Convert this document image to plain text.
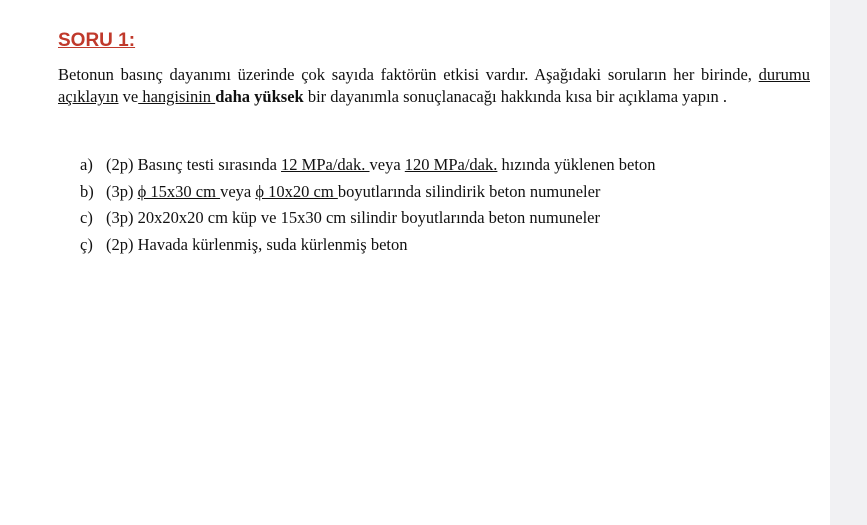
SORU 1:

Betonun basınç dayanımı üzerinde çok sayıda faktörün etkisi vardır. Aşağıdaki soruların her birinde, durumu açıklayın ve hangisinin daha yüksek bir dayanımla sonuçlanacağı hakkında kısa bir açıklama yapın .

a) (2p) Basınç testi sırasında 12 MPa/dak. veya 120 MPa/dak. hızında yüklenen beton
b) (3p) ϕ 15x30 cm veya ϕ 10x20 cm boyutlarında silindirik beton numuneler
c) (3p) 20x20x20 cm küp ve 15x30 cm silindir boyutlarında beton numuneler
ç) (2p) Havada kürlenmiş, suda kürlenmiş beton
